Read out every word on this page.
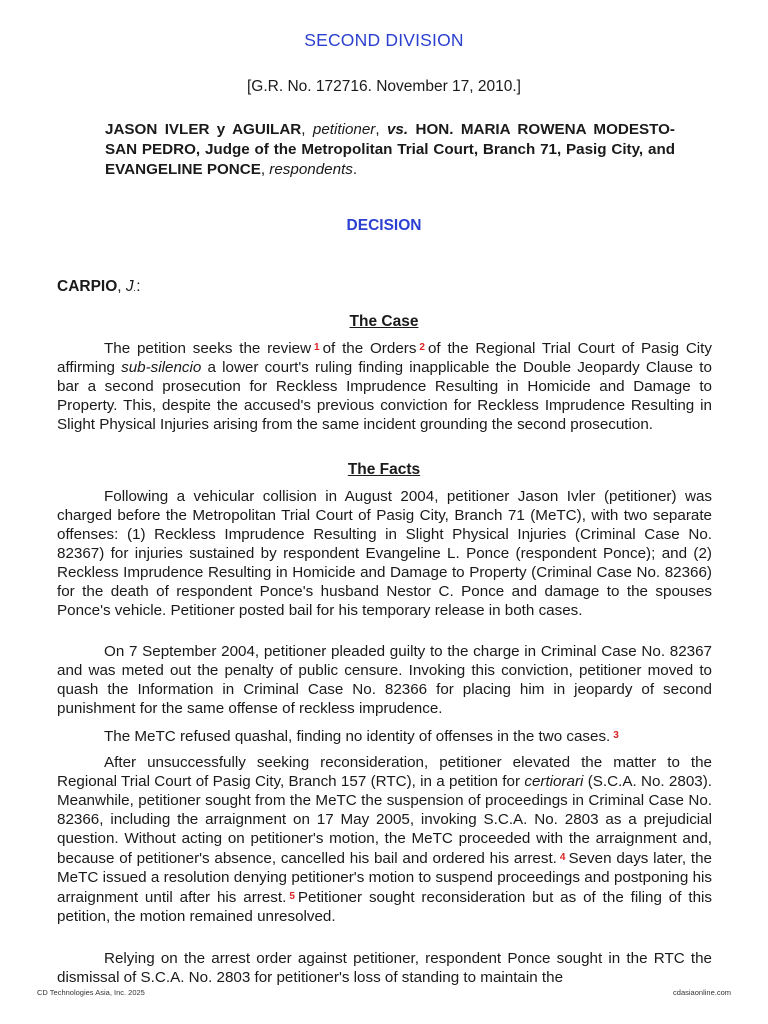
SECOND DIVISION
[G.R. No. 172716. November 17, 2010.]
JASON IVLER y AGUILAR, petitioner, vs. HON. MARIA ROWENA MODESTO-SAN PEDRO, Judge of the Metropolitan Trial Court, Branch 71, Pasig City, and EVANGELINE PONCE, respondents.
DECISION
CARPIO, J.:
The Case
The petition seeks the review 1 of the Orders 2 of the Regional Trial Court of Pasig City affirming sub-silencio a lower court's ruling finding inapplicable the Double Jeopardy Clause to bar a second prosecution for Reckless Imprudence Resulting in Homicide and Damage to Property. This, despite the accused's previous conviction for Reckless Imprudence Resulting in Slight Physical Injuries arising from the same incident grounding the second prosecution.
The Facts
Following a vehicular collision in August 2004, petitioner Jason Ivler (petitioner) was charged before the Metropolitan Trial Court of Pasig City, Branch 71 (MeTC), with two separate offenses: (1) Reckless Imprudence Resulting in Slight Physical Injuries (Criminal Case No. 82367) for injuries sustained by respondent Evangeline L. Ponce (respondent Ponce); and (2) Reckless Imprudence Resulting in Homicide and Damage to Property (Criminal Case No. 82366) for the death of respondent Ponce's husband Nestor C. Ponce and damage to the spouses Ponce's vehicle. Petitioner posted bail for his temporary release in both cases.
On 7 September 2004, petitioner pleaded guilty to the charge in Criminal Case No. 82367 and was meted out the penalty of public censure. Invoking this conviction, petitioner moved to quash the Information in Criminal Case No. 82366 for placing him in jeopardy of second punishment for the same offense of reckless imprudence.
The MeTC refused quashal, finding no identity of offenses in the two cases. 3
After unsuccessfully seeking reconsideration, petitioner elevated the matter to the Regional Trial Court of Pasig City, Branch 157 (RTC), in a petition for certiorari (S.C.A. No. 2803). Meanwhile, petitioner sought from the MeTC the suspension of proceedings in Criminal Case No. 82366, including the arraignment on 17 May 2005, invoking S.C.A. No. 2803 as a prejudicial question. Without acting on petitioner's motion, the MeTC proceeded with the arraignment and, because of petitioner's absence, cancelled his bail and ordered his arrest. 4 Seven days later, the MeTC issued a resolution denying petitioner's motion to suspend proceedings and postponing his arraignment until after his arrest. 5 Petitioner sought reconsideration but as of the filing of this petition, the motion remained unresolved.
Relying on the arrest order against petitioner, respondent Ponce sought in the RTC the dismissal of S.C.A. No. 2803 for petitioner's loss of standing to maintain the
CD Technologies Asia, Inc. 2025	cdasiaonline.com
